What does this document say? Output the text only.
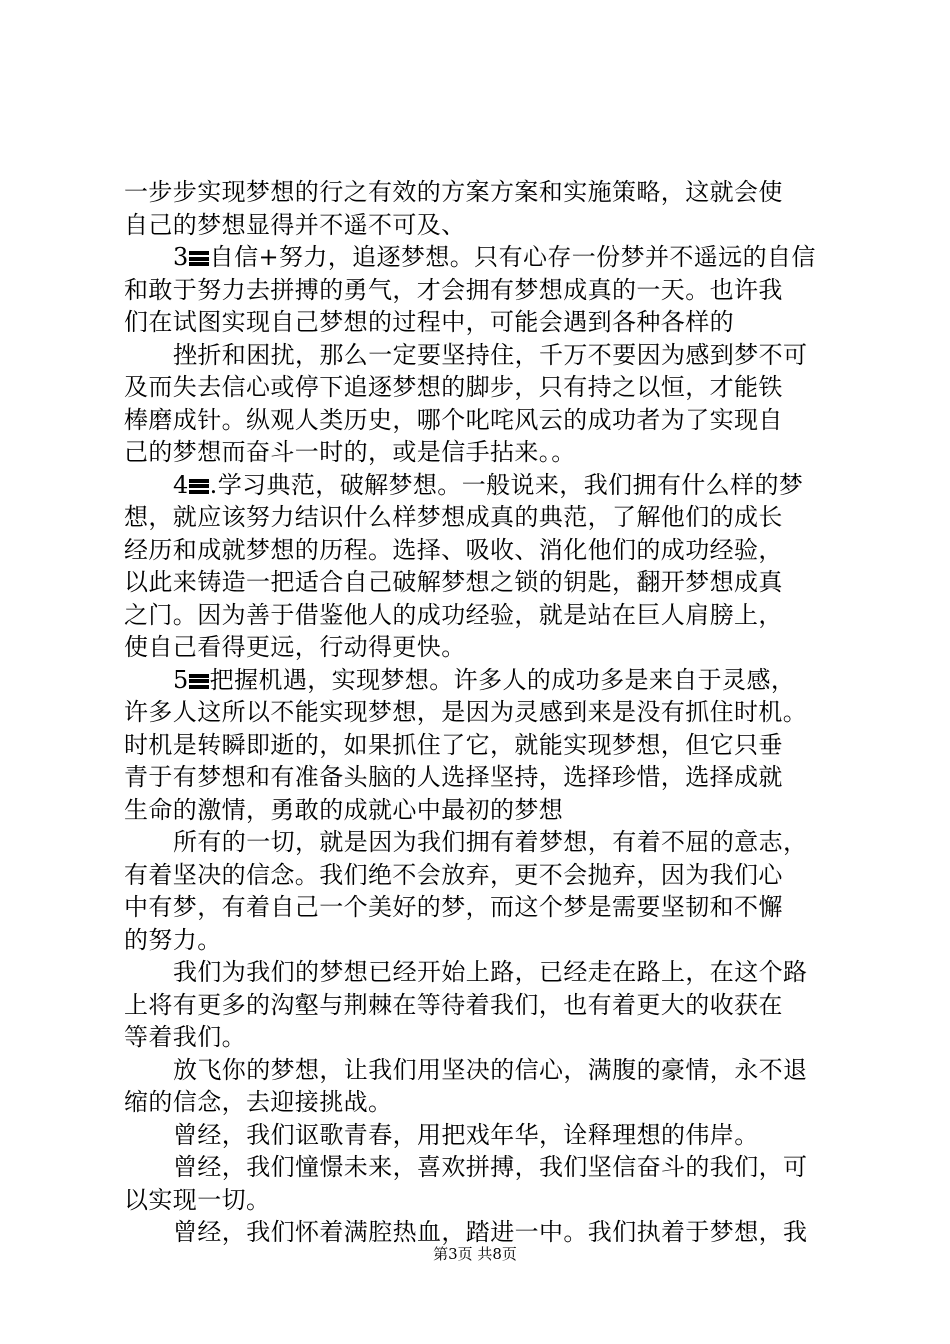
一步步实现梦想的行之有效的方案方案和实施策略，这就会使
自己的梦想显得并不遥不可及、
3 自信+努力，追逐梦想。只有心存一份梦并不遥远的自信
和敢于努力去拼搏的勇气，才会拥有梦想成真的一天。也许我
们在试图实现自己梦想的过程中，可能会遇到各种各样的
挫折和困扰，那么一定要坚持住，千万不要因为感到梦不可
及而失去信心或停下追逐梦想的脚步，只有持之以恒，才能铁
棒磨成针。纵观人类历史，哪个叱咤风云的成功者为了实现自
己的梦想而奋斗一时的，或是信手拈来。。
4 .学习典范，破解梦想。一般说来，我们拥有什么样的梦
想，就应该努力结识什么样梦想成真的典范，了解他们的成长
经历和成就梦想的历程。选择、吸收、消化他们的成功经验，
以此来铸造一把适合自己破解梦想之锁的钥匙，翻开梦想成真
之门。因为善于借鉴他人的成功经验，就是站在巨人肩膀上，
使自己看得更远，行动得更快。
5 把握机遇，实现梦想。许多人的成功多是来自于灵感，
许多人这所以不能实现梦想，是因为灵感到来是没有抓住时机。
时机是转瞬即逝的，如果抓住了它，就能实现梦想，但它只垂
青于有梦想和有准备头脑的人选择坚持，选择珍惜，选择成就
生命的激情，勇敢的成就心中最初的梦想
所有的一切，就是因为我们拥有着梦想，有着不屈的意志，
有着坚决的信念。我们绝不会放弃，更不会抛弃，因为我们心
中有梦，有着自己一个美好的梦，而这个梦是需要坚韧和不懈
的努力。
我们为我们的梦想已经开始上路，已经走在路上，在这个路
上将有更多的沟壑与荆棘在等待着我们，也有着更大的收获在
等着我们。
放飞你的梦想，让我们用坚决的信心，满腹的豪情，永不退
缩的信念，去迎接挑战。
曾经，我们讴歌青春，用把戏年华，诠释理想的伟岸。
曾经，我们憧憬未来，喜欢拼搏，我们坚信奋斗的我们，可
以实现一切。
曾经，我们怀着满腔热血，踏进一中。我们执着于梦想，我
第3页 共8页
